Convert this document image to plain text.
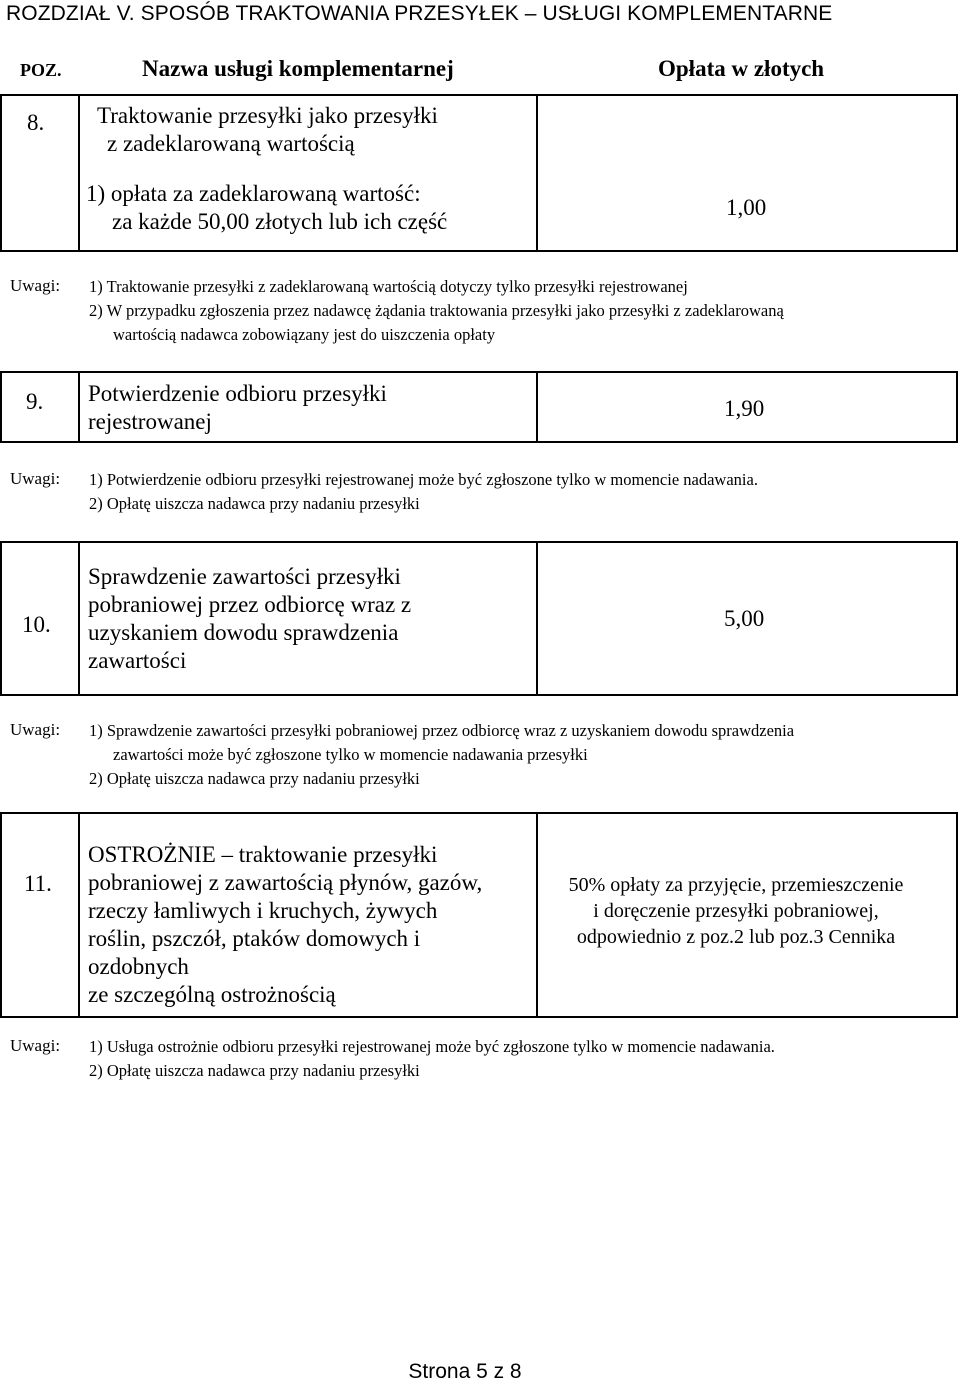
ROZDZIAŁ V. SPOSÓB TRAKTOWANIA PRZESYŁEK – USŁUGI KOMPLEMENTARNE
POZ.	Nazwa usługi komplementarnej	Opłata w złotych
8. Traktowanie przesyłki jako przesyłki
z zadeklarowaną wartością
1) opłata za zadeklarowaną wartość:
za każde 50,00 złotych lub ich część
1,00
Uwagi: 1) Traktowanie przesyłki z zadeklarowaną wartością dotyczy tylko przesyłki rejestrowanej
2) W przypadku zgłoszenia przez nadawcę żądania traktowania przesyłki jako przesyłki z zadeklarowaną
wartością nadawca zobowiązany jest do uiszczenia opłaty
9. Potwierdzenie odbioru przesyłki
rejestrowanej
1,90
Uwagi: 1) Potwierdzenie odbioru przesyłki rejestrowanej może być zgłoszone tylko w momencie nadawania.
2) Opłatę uiszcza nadawca przy nadaniu przesyłki
10.
Sprawdzenie zawartości przesyłki
pobraniowej przez odbiorcę wraz z
uzyskaniem dowodu sprawdzenia
zawartości
5,00
Uwagi: 1) Sprawdzenie zawartości przesyłki pobraniowej przez odbiorcę wraz z uzyskaniem dowodu sprawdzenia
zawartości może być zgłoszone tylko w momencie nadawania przesyłki
2) Opłatę uiszcza nadawca przy nadaniu przesyłki
11.
OSTROŻNIE – traktowanie przesyłki
pobraniowej z zawartością płynów, gazów,
rzeczy łamliwych i kruchych, żywych
roślin, pszczół, ptaków domowych i
ozdobnych
ze szczególną ostrożnością
50% opłaty za przyjęcie, przemieszczenie
i doręczenie przesyłki pobraniowej,
odpowiednio z poz.2 lub poz.3 Cennika
Uwagi: 1) Usługa ostrożnie odbioru przesyłki rejestrowanej może być zgłoszone tylko w momencie nadawania.
2) Opłatę uiszcza nadawca przy nadaniu przesyłki
Strona 5 z 8
